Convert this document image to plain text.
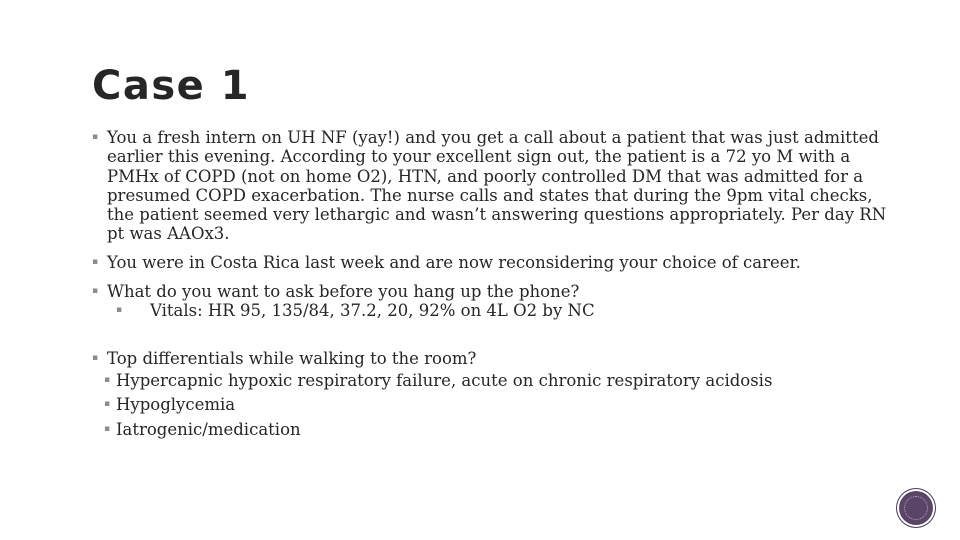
Case 1
▪ You a fresh intern on UH NF (yay!) and you get a call about a patient that was just admitted earlier this evening. According to your excellent sign out, the patient is a 72 yo M with a PMHx of COPD (not on home O2), HTN, and poorly controlled DM that was admitted for a presumed COPD exacerbation. The nurse calls and states that during the 9pm vital checks, the patient seemed very lethargic and wasn’t answering questions appropriately. Per day RN pt was AAOx3.
▪ You were in Costa Rica last week and are now reconsidering your choice of career.
▪ What do you want to ask before you hang up the phone?
▪ Vitals: HR 95, 135/84, 37.2, 20, 92% on 4L O2 by NC
▪ Top differentials while walking to the room?
▪ Hypercapnic hypoxic respiratory failure, acute on chronic respiratory acidosis
▪ Hypoglycemia
▪ Iatrogenic/medication
